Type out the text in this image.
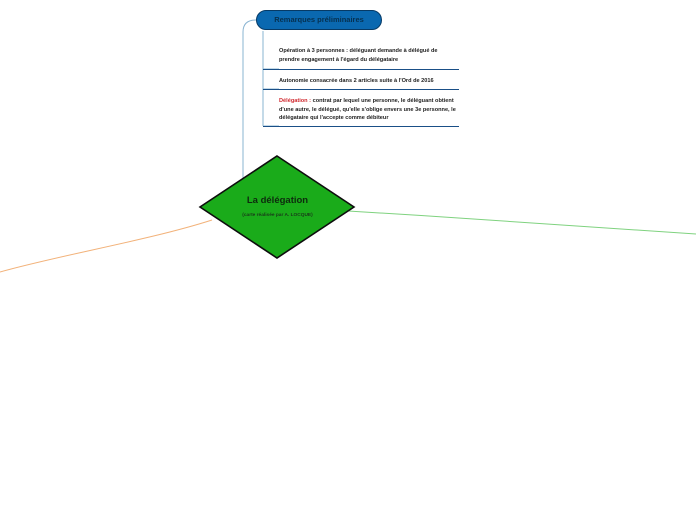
Remarques préliminaires
Opération à 3 personnes : déléguant demande à délégué de prendre engagement à l'égard du délégataire
Autonomie consacrée dans 2 articles suite à l'Ord de 2016
Délégation : contrat par lequel une personne, le déléguant obtient d'une autre, le délégué, qu'elle s'oblige envers une 3e personne, le délégataire qui l'accepte comme débiteur
La délégation
(carte réalisée par A. LOCQUE)
